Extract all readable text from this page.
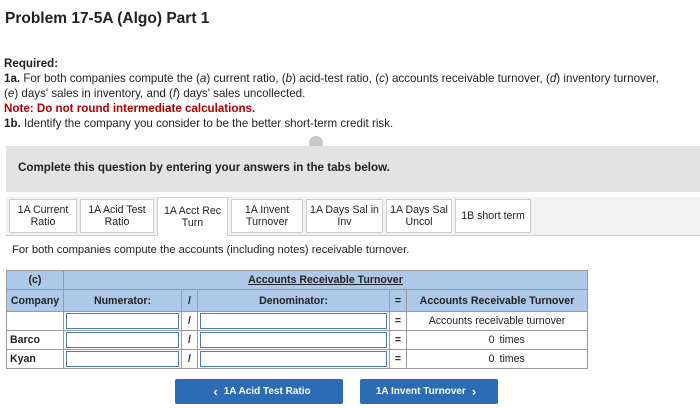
Problem 17-5A (Algo) Part 1
Required:
1a. For both companies compute the (a) current ratio, (b) acid-test ratio, (c) accounts receivable turnover, (d) inventory turnover,
(e) days' sales in inventory, and (f) days' sales uncollected.
Note: Do not round intermediate calculations.
1b. Identify the company you consider to be the better short-term credit risk.
Complete this question by entering your answers in the tabs below.
1A Current
Ratio
1A Acid Test
Ratio
1A Acct Rec
Turn
1A Invent
Turnover
1A Days Sal in
Inv
1A Days Sal
Uncol	1B short term
For both companies compute the accounts (including notes) receivable turnover.
(c)	Accounts Receivable Turnover					
Company	Numerator:	/	Denominator:	=	Accounts Receivable Turnover	

	/		=	Accounts receivable turnover	
Barco		/		=	0	times
Kyan		/		=	0	times
‹ 1A Acid Test Ratio	1A Invent Turnover ›
